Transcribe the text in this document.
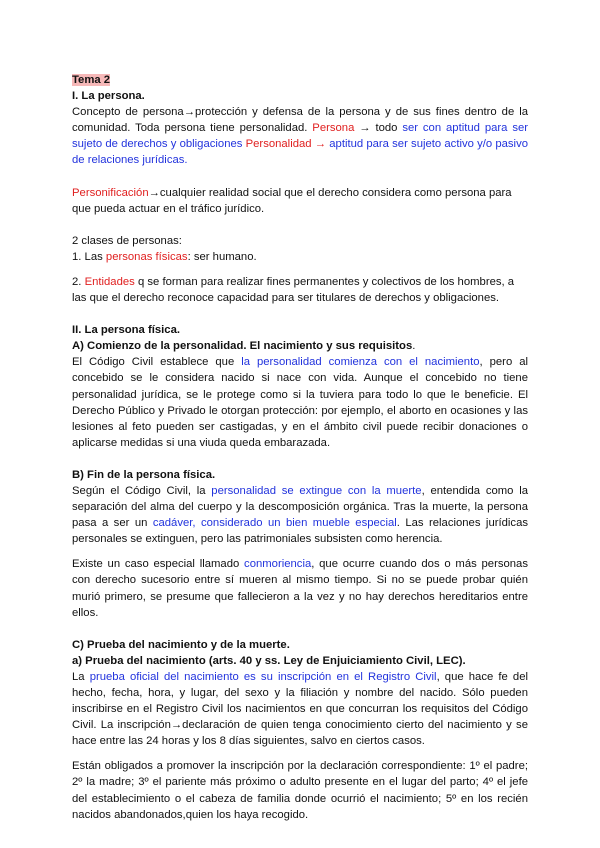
Tema 2

I. La persona.

Concepto de persona→protección y defensa de la persona y de sus fines dentro de la comunidad. Toda persona tiene personalidad. Persona → todo ser con aptitud para ser sujeto de derechos y obligaciones Personalidad → aptitud para ser sujeto activo y/o pasivo de relaciones jurídicas.

Personificación→cualquier realidad social que el derecho considera como persona para que pueda actuar en el tráfico jurídico.

2 clases de personas:

1. Las personas físicas: ser humano.

2. Entidades q se forman para realizar fines permanentes y colectivos de los hombres, a las que el derecho reconoce capacidad para ser titulares de derechos y obligaciones.

II. La persona física.

A) Comienzo de la personalidad. El nacimiento y sus requisitos.

El Código Civil establece que la personalidad comienza con el nacimiento, pero al concebido se le considera nacido si nace con vida. Aunque el concebido no tiene personalidad jurídica, se le protege como si la tuviera para todo lo que le beneficie. El Derecho Público y Privado le otorgan protección: por ejemplo, el aborto en ocasiones y las lesiones al feto pueden ser castigadas, y en el ámbito civil puede recibir donaciones o aplicarse medidas si una viuda queda embarazada.

B) Fin de la persona física.

Según el Código Civil, la personalidad se extingue con la muerte, entendida como la separación del alma del cuerpo y la descomposición orgánica. Tras la muerte, la persona pasa a ser un cadáver, considerado un bien mueble especial. Las relaciones jurídicas personales se extinguen, pero las patrimoniales subsisten como herencia.

Existe un caso especial llamado conmoriencia, que ocurre cuando dos o más personas con derecho sucesorio entre sí mueren al mismo tiempo. Si no se puede probar quién murió primero, se presume que fallecieron a la vez y no hay derechos hereditarios entre ellos.

C) Prueba del nacimiento y de la muerte.

a) Prueba del nacimiento (arts. 40 y ss. Ley de Enjuiciamiento Civil, LEC).

La prueba oficial del nacimiento es su inscripción en el Registro Civil, que hace fe del hecho, fecha, hora, y lugar, del sexo y la filiación y nombre del nacido. Sólo pueden inscribirse en el Registro Civil los nacimientos en que concurran los requisitos del Código Civil. La inscripción→declaración de quien tenga conocimiento cierto del nacimiento y se hace entre las 24 horas y los 8 días siguientes, salvo en ciertos casos.

Están obligados a promover la inscripción por la declaración correspondiente: 1º el padre; 2º la madre; 3º el pariente más próximo o adulto presente en el lugar del parto; 4º el jefe del establecimiento o el cabeza de familia donde ocurrió el nacimiento; 5º en los recién nacidos abandonados,quien los haya recogido.
